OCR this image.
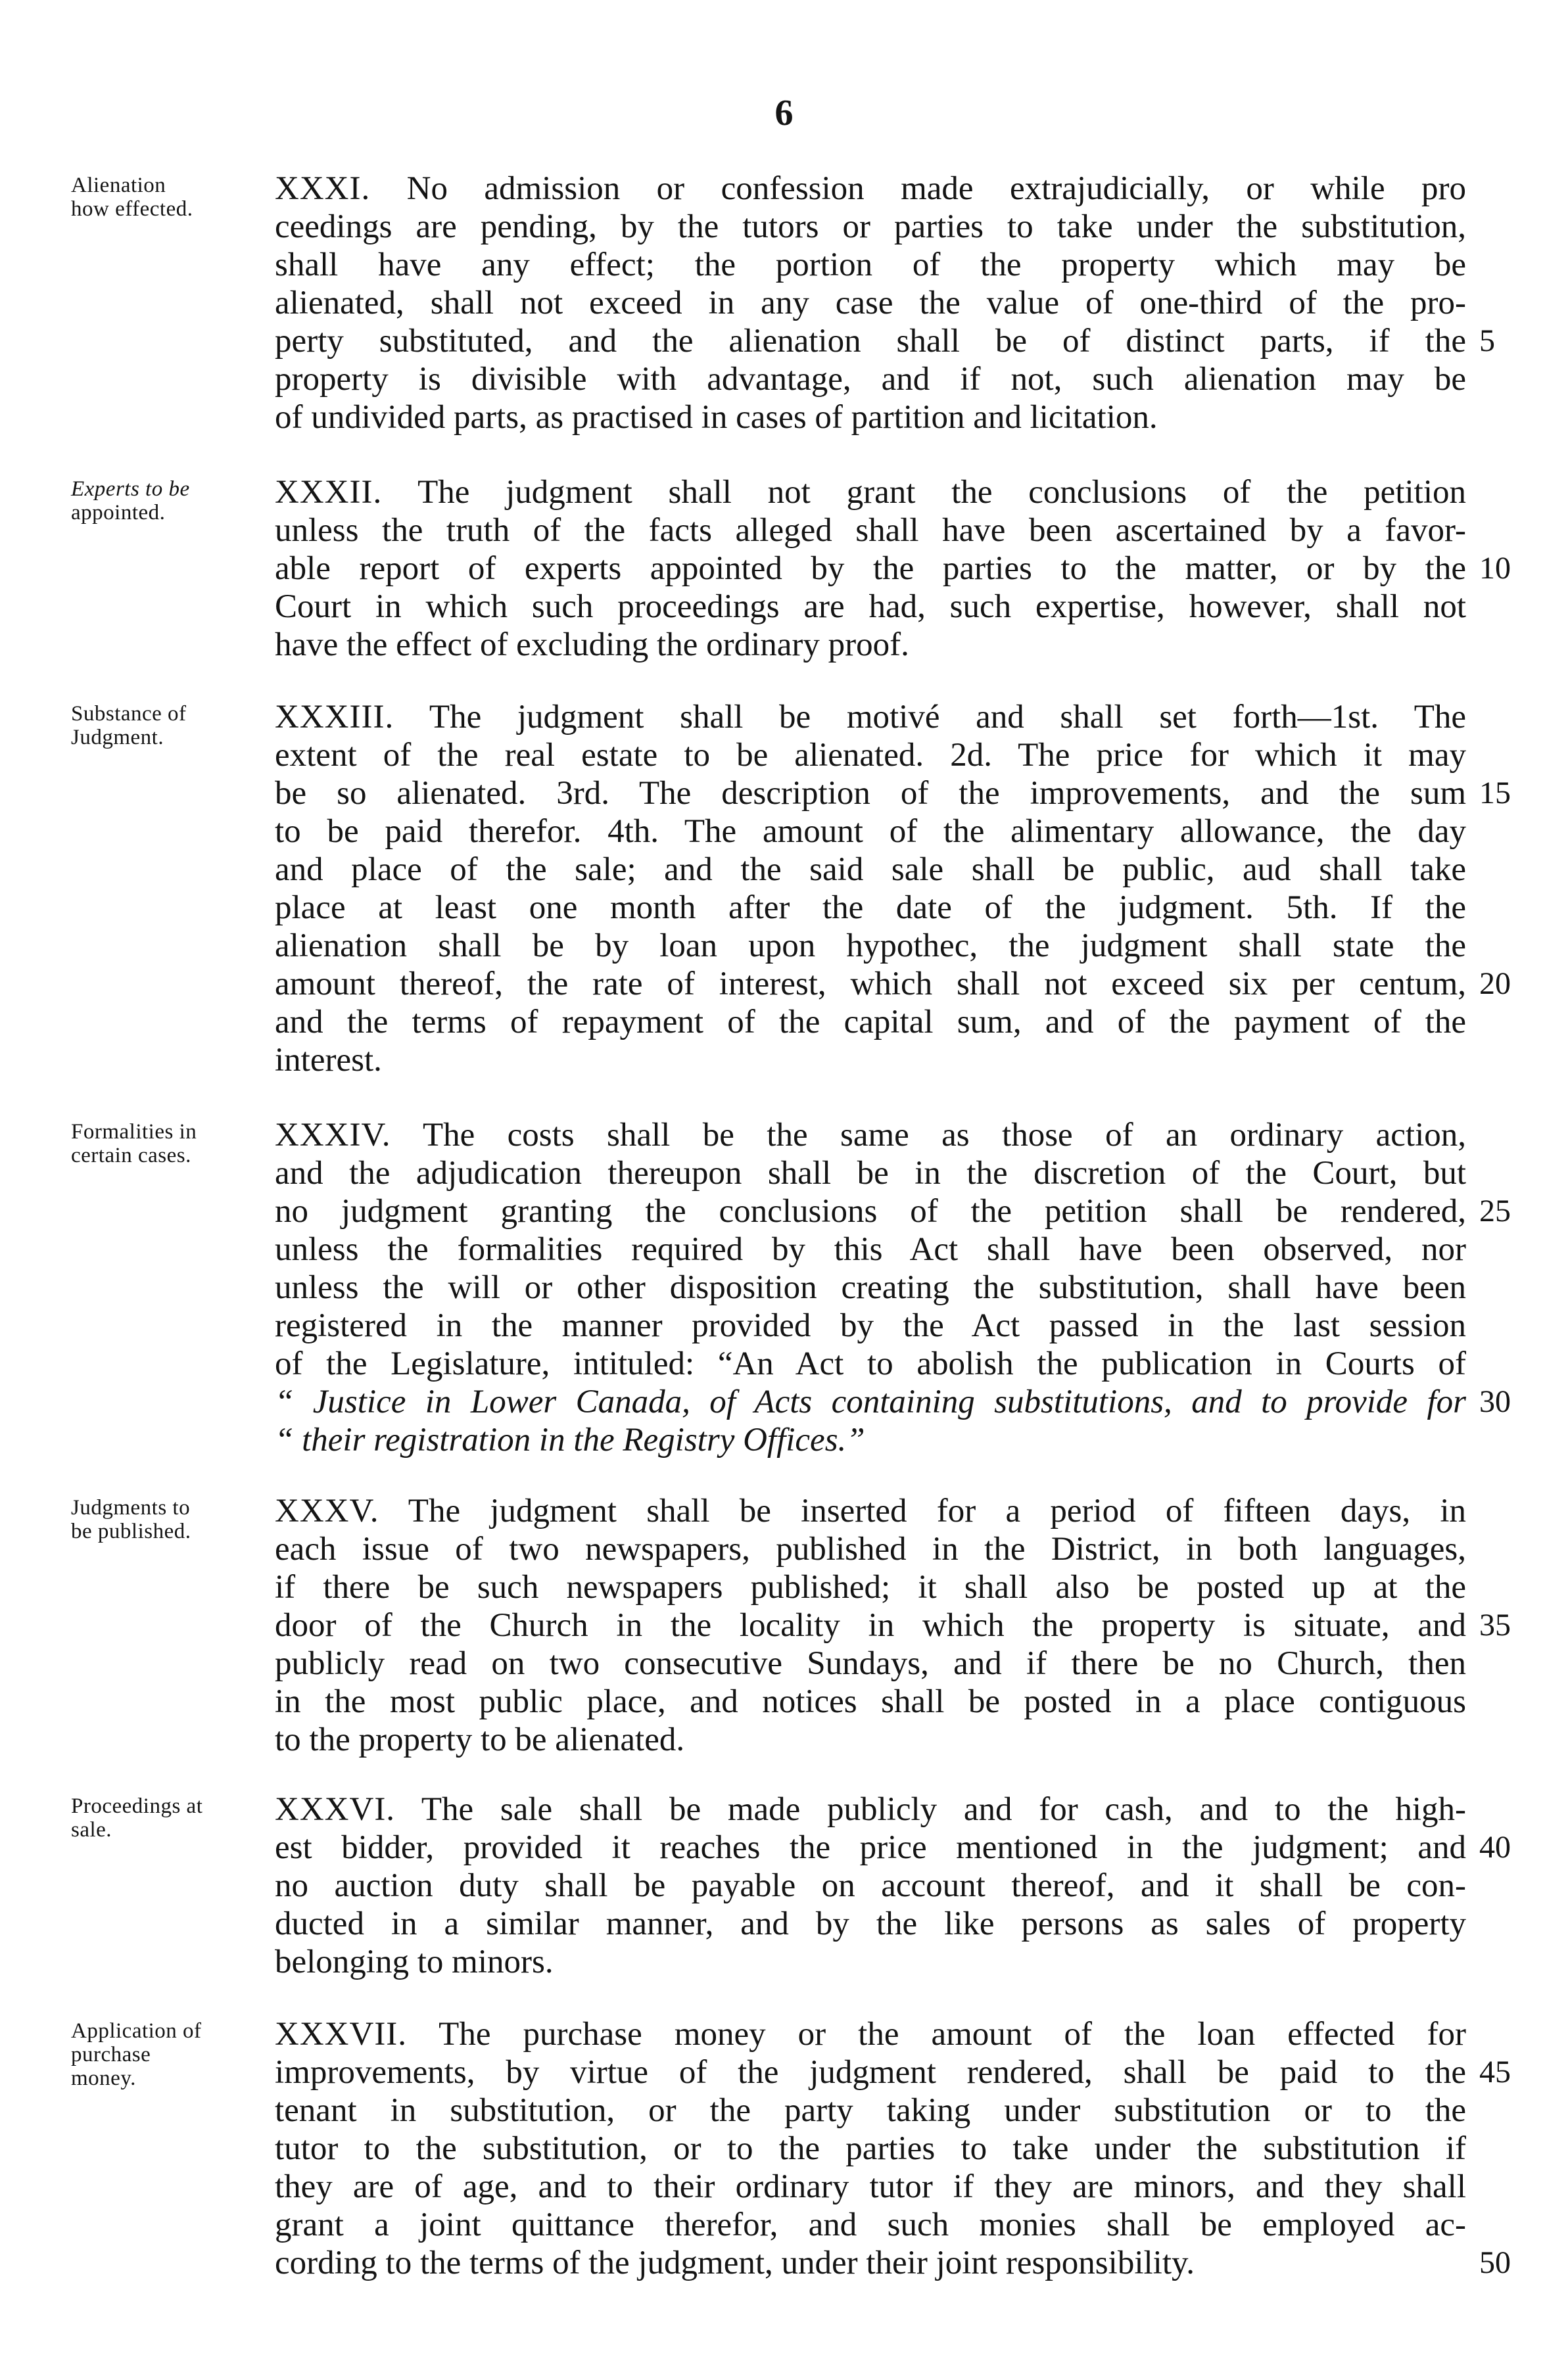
6
Alienation
how effected.
XXXI. No admission or confession made extrajudicially, or while pro
ceedings are pending, by the tutors or parties to take under the substitution,
shall have any effect; the portion of the property which may be
alienated, shall not exceed in any case the value of one-third of the pro-
perty substituted, and the alienation shall be of distinct parts, if the
property is divisible with advantage, and if not, such alienation may be
of undivided parts, as practised in cases of partition and licitation.
5
Experts to be
appointed.
XXXII. The judgment shall not grant the conclusions of the petition
unless the truth of the facts alleged shall have been ascertained by a favor-
able report of experts appointed by the parties to the matter, or by the
Court in which such proceedings are had, such expertise, however, shall not
have the effect of excluding the ordinary proof.
10
Substance of
Judgment.
XXXIII. The judgment shall be motivé and shall set forth—1st. The
extent of the real estate to be alienated. 2d. The price for which it may
be so alienated. 3rd. The description of the improvements, and the sum
to be paid therefor. 4th. The amount of the alimentary allowance, the day
and place of the sale; and the said sale shall be public, aud shall take
place at least one month after the date of the judgment. 5th. If the
alienation shall be by loan upon hypothec, the judgment shall state the
amount thereof, the rate of interest, which shall not exceed six per centum,
and the terms of repayment of the capital sum, and of the payment of the
interest.
15
20
Formalities in
certain cases.
XXXIV. The costs shall be the same as those of an ordinary action,
and the adjudication thereupon shall be in the discretion of the Court, but
no judgment granting the conclusions of the petition shall be rendered,
unless the formalities required by this Act shall have been observed, nor
unless the will or other disposition creating the substitution, shall have been
registered in the manner provided by the Act passed in the last session
of the Legislature, intituled: “An Act to abolish the publication in Courts of
“ Justice in Lower Canada, of Acts containing substitutions, and to provide for
“ their registration in the Registry Offices.”
25
30
Judgments to
be published.
XXXV. The judgment shall be inserted for a period of fifteen days, in
each issue of two newspapers, published in the District, in both languages,
if there be such newspapers published; it shall also be posted up at the
door of the Church in the locality in which the property is situate, and
publicly read on two consecutive Sundays, and if there be no Church, then
in the most public place, and notices shall be posted in a place contiguous
to the property to be alienated.
35
Proceedings at
sale.
XXXVI. The sale shall be made publicly and for cash, and to the high-
est bidder, provided it reaches the price mentioned in the judgment; and
no auction duty shall be payable on account thereof, and it shall be con-
ducted in a similar manner, and by the like persons as sales of property
belonging to minors.
40
Application of
purchase
money.
XXXVII. The purchase money or the amount of the loan effected for
improvements, by virtue of the judgment rendered, shall be paid to the
tenant in substitution, or the party taking under substitution or to the
tutor to the substitution, or to the parties to take under the substitution if
they are of age, and to their ordinary tutor if they are minors, and they shall
grant a joint quittance therefor, and such monies shall be employed ac-
cording to the terms of the judgment, under their joint responsibility.
45
50
